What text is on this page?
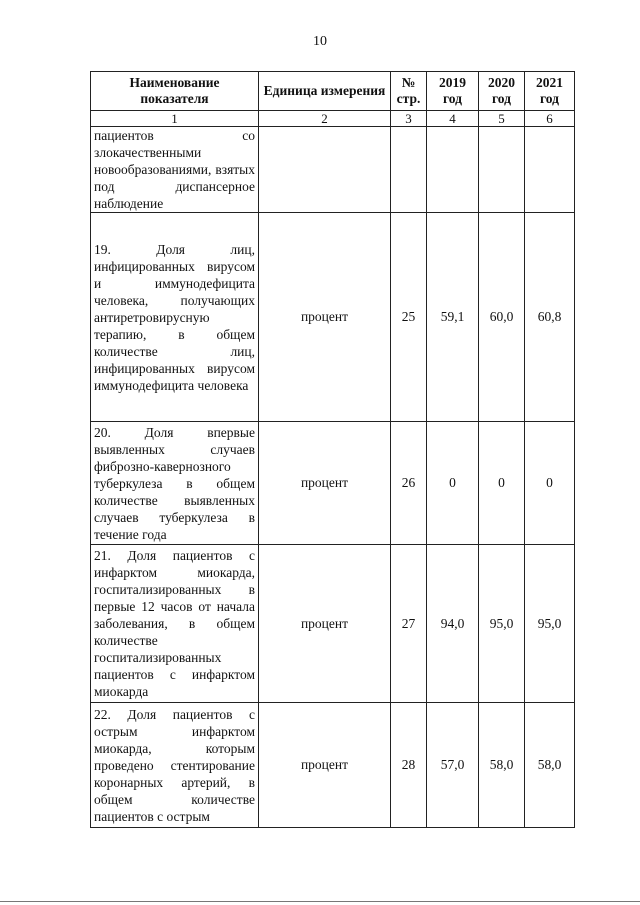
10
Наименование показателя	Единица измерения	№ стр.	2019 год	2020 год	2021 год
1	2	3	4	5	6
пациентов со злокачественными новообразованиями, взятых под диспансерное наблюдение					
19. Доля лиц, инфицированных вирусом и иммунодефицита человека, получающих антиретровирусную терапию, в общем количестве лиц, инфицированных вирусом иммунодефицита человека	процент	25	59,1	60,0	60,8
20. Доля впервые выявленных случаев фиброзно-кавернозного туберкулеза в общем количестве выявленных случаев туберкулеза в течение года	процент	26	0	0	0
21. Доля пациентов с инфарктом миокарда, госпитализированных в первые 12 часов от начала заболевания, в общем количестве госпитализированных пациентов с инфарктом миокарда	процент	27	94,0	95,0	95,0
22. Доля пациентов с острым инфарктом миокарда, которым проведено стентирование коронарных артерий, в общем количестве пациентов с острым	процент	28	57,0	58,0	58,0
